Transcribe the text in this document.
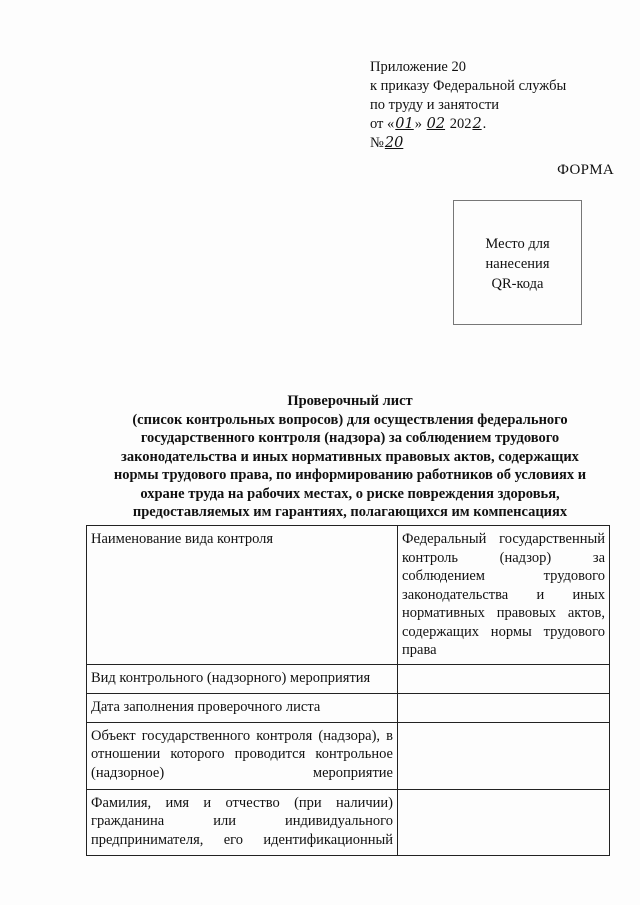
Приложение 20
к приказу Федеральной службы
по труду и занятости
от «01» 02 2022.
№20
ФОРМА
Место для
нанесения
QR-кода
Проверочный лист
(список контрольных вопросов) для осуществления федерального
государственного контроля (надзора) за соблюдением трудового
законодательства и иных нормативных правовых актов, содержащих
нормы трудового права, по информированию работников об условиях и
охране труда на рабочих местах, о риске повреждения здоровья,
предоставляемых им гарантиях, полагающихся им компенсациях
Наименование вида контроля	Федеральный государственный контроль (надзор) за соблюдением трудового законодательства и иных нормативных правовых актов, содержащих нормы трудового права
Вид контрольного (надзорного) мероприятия	
Дата заполнения проверочного листа	
Объект государственного контроля (надзора), в отношении которого проводится контрольное (надзорное) мероприятие	

Фамилия, имя и отчество (при наличии) гражданина или индивидуального предпринимателя, его идентификационный	
